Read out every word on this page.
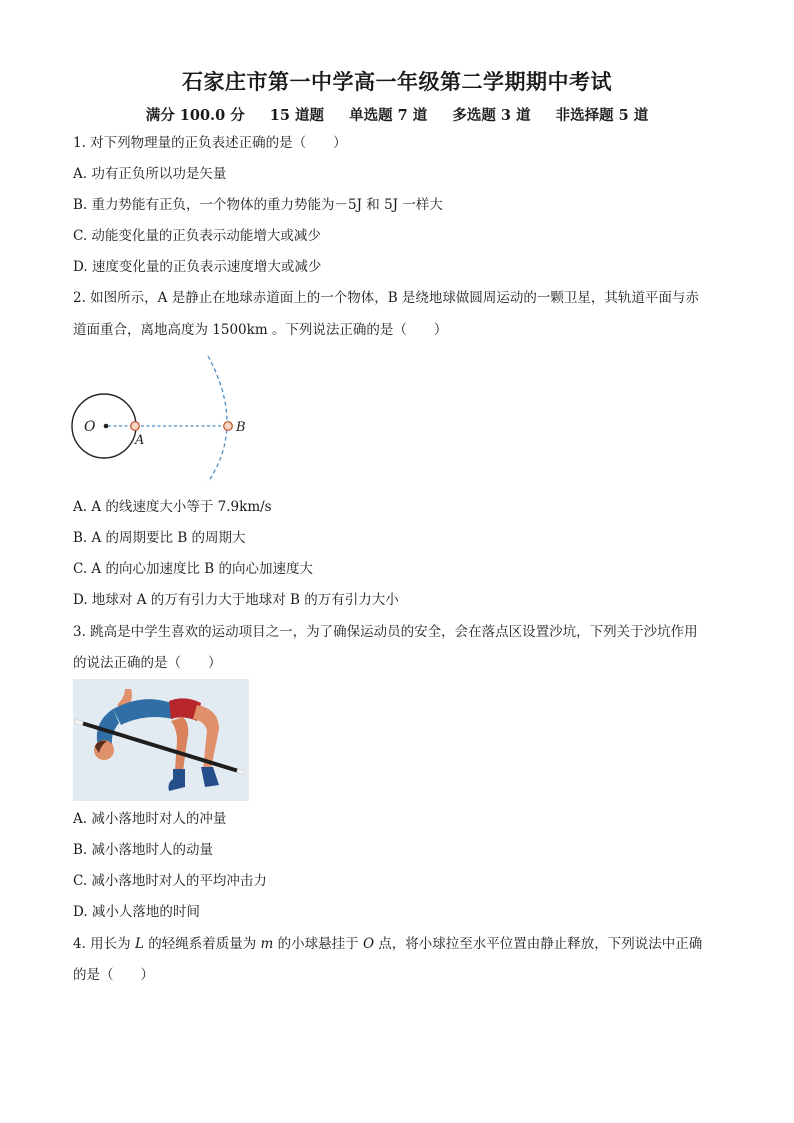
石家庄市第一中学高一年级第二学期期中考试
满分 100.0 分 15 道题 单选题 7 道 多选题 3 道 非选择题 5 道
1. 对下列物理量的正负表述正确的是（　　）
A. 功有正负所以功是矢量
B. 重力势能有正负，一个物体的重力势能为－5J 和 5J 一样大
C. 动能变化量的正负表示动能增大或减少
D. 速度变化量的正负表示速度增大或减少
2. 如图所示，A 是静止在地球赤道面上的一个物体，B 是绕地球做圆周运动的一颗卫星，其轨道平面与赤
道面重合，离地高度为 1500km 。下列说法正确的是（　　）
O
A
B
A. A 的线速度大小等于 7.9km/s
B. A 的周期要比 B 的周期大
C. A 的向心加速度比 B 的向心加速度大
D. 地球对 A 的万有引力大于地球对 B 的万有引力大小
3. 跳高是中学生喜欢的运动项目之一，为了确保运动员的安全，会在落点区设置沙坑，下列关于沙坑作用
的说法正确的是（　　）
A. 减小落地时对人的冲量
B. 减小落地时人的动量
C. 减小落地时对人的平均冲击力
D. 减小人落地的时间
4. 用长为 L 的轻绳系着质量为 m 的小球悬挂于 O 点，将小球拉至水平位置由静止释放，下列说法中正确
的是（　　）
